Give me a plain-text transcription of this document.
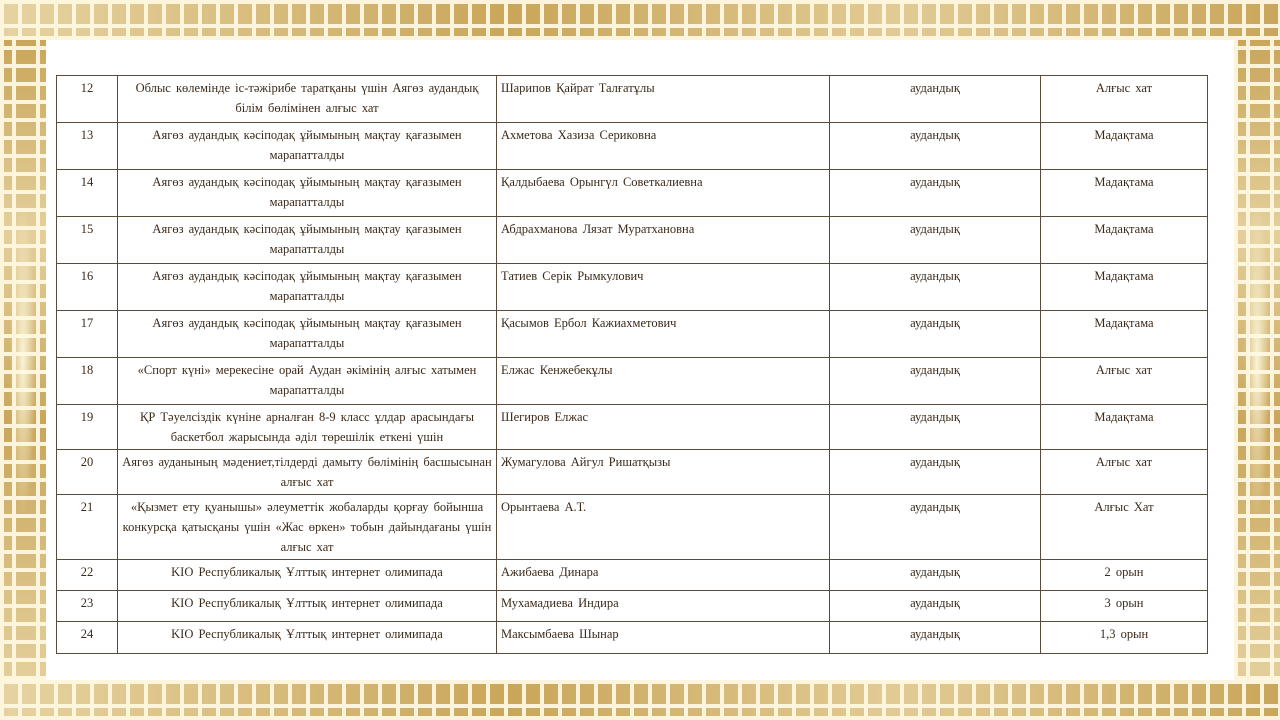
12	Облыс көлемінде іс-тәжірибе таратқаны үшін Аягөз аудандық білім бөлімінен алғыс хат	Шарипов Қайрат Талғатұлы	аудандық	Алғыс хат
13	Аягөз аудандық кәсіподақ ұйымының мақтау қағазымен марапатталды	Ахметова Хазиза Сериковна	аудандық	Мадақтама
14	Аягөз аудандық кәсіподақ ұйымының мақтау қағазымен марапатталды	Қалдыбаева Орынгүл Советкалиевна	аудандық	Мадақтама
15	Аягөз аудандық кәсіподақ ұйымының мақтау қағазымен марапатталды	Абдрахманова Лязат Муратхановна	аудандық	Мадақтама
16	Аягөз аудандық кәсіподақ ұйымының мақтау қағазымен марапатталды	Татиев Серік Рымкулович	аудандық	Мадақтама
17	Аягөз аудандық кәсіподақ ұйымының мақтау қағазымен марапатталды	Қасымов Ербол Кажиахметович	аудандық	Мадақтама
18	«Спорт күні» мерекесіне орай Аудан әкімінің алғыс хатымен марапатталды	Елжас Кенжебекұлы	аудандық	Алғыс хат
19	ҚР Тәуелсіздік күніне арналған 8-9 класс ұлдар арасындағы баскетбол жарысында әділ төрешілік еткені үшін	Шегиров Елжас	аудандық	Мадақтама
20	Аягөз ауданының мәдениет,тілдерді дамыту бөлімінің басшысынан алғыс хат	Жумагулова Айгул Ришатқызы	аудандық	Алғыс хат
21	«Қызмет ету қуанышы» әлеуметтік жобаларды қорғау бойынша конкурсқа қатысқаны үшін «Жас өркен» тобын дайындағаны үшін алғыс хат	Орынтаева А.Т.	аудандық	Алғыс Хат
22	KIO Республикалық Ұлттық интернет олимипада	Ажибаева Динара	аудандық	2 орын
23	KIO Республикалық Ұлттық интернет олимипада	Мухамадиева Индира	аудандық	3 орын
24	KIO Республикалық Ұлттық интернет олимипада	Максымбаева Шынар	аудандық	1,3 орын
